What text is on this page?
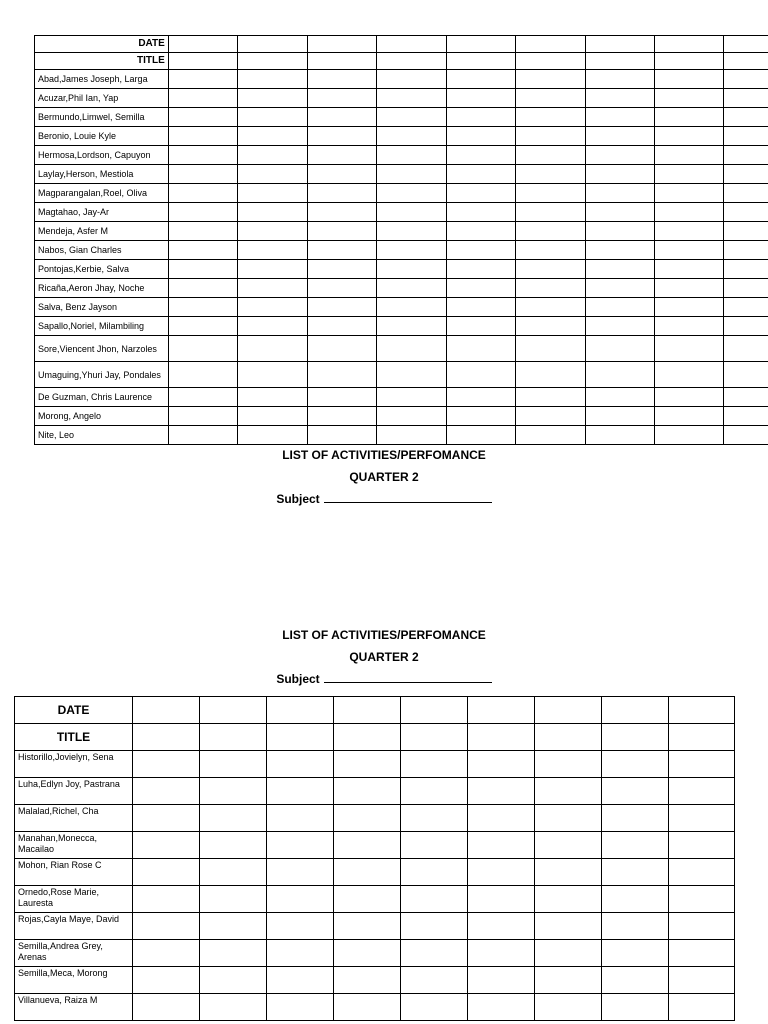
DATE									
TITLE									
Abad,James Joseph, Larga									
Acuzar,Phil Ian, Yap									
Bermundo,Limwel, Semilla									
Beronio, Louie Kyle									
Hermosa,Lordson, Capuyon									
Laylay,Herson, Mestiola									
Magparangalan,Roel, Oliva									
Magtahao, Jay-Ar									
Mendeja, Asfer M									
Nabos, Gian Charles									
Pontojas,Kerbie, Salva									
Ricaña,Aeron Jhay, Noche									
Salva, Benz Jayson									
Sapallo,Noriel, Milambiling									
Sore,Viencent Jhon, Narzoles									
Umaguing,Yhuri Jay, Pondales									
De Guzman, Chris Laurence									
Morong, Angelo									
Nite, Leo									
LIST OF ACTIVITIES/PERFOMANCE
QUARTER 2
Subject
LIST OF ACTIVITIES/PERFOMANCE
QUARTER 2
Subject
DATE									
TITLE									
Historillo,Jovielyn, Sena									
Luha,Edlyn Joy, Pastrana									
Malalad,Richel, Cha									
Manahan,Monecca, Macailao									
Mohon, Rian Rose C									
Ornedo,Rose Marie, Lauresta									
Rojas,Cayla Maye, David									
Semilla,Andrea Grey, Arenas									
Semilla,Meca, Morong									
Villanueva, Raiza M									
